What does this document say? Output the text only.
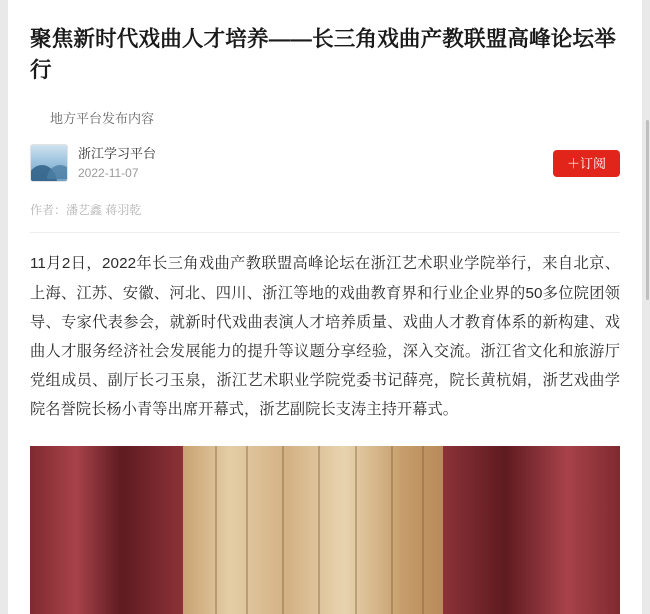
聚焦新时代戏曲人才培养——长三角戏曲产教联盟高峰论坛举行
地方平台发布内容
浙江学习平台
2022-11-07
＋订阅
作者：潘艺鑫 蒋羽乾

11月2日，2022年长三角戏曲产教联盟高峰论坛在浙江艺术职业学院举行，来自北京、上海、江苏、安徽、河北、四川、浙江等地的戏曲教育界和行业企业界的50多位院团领导、专家代表参会，就新时代戏曲表演人才培养质量、戏曲人才教育体系的新构建、戏曲人才服务经济社会发展能力的提升等议题分享经验，深入交流。浙江省文化和旅游厅党组成员、副厅长刁玉泉，浙江艺术职业学院党委书记薛亮，院长黄杭娟，浙艺戏曲学院名誉院长杨小青等出席开幕式，浙艺副院长支涛主持开幕式。
